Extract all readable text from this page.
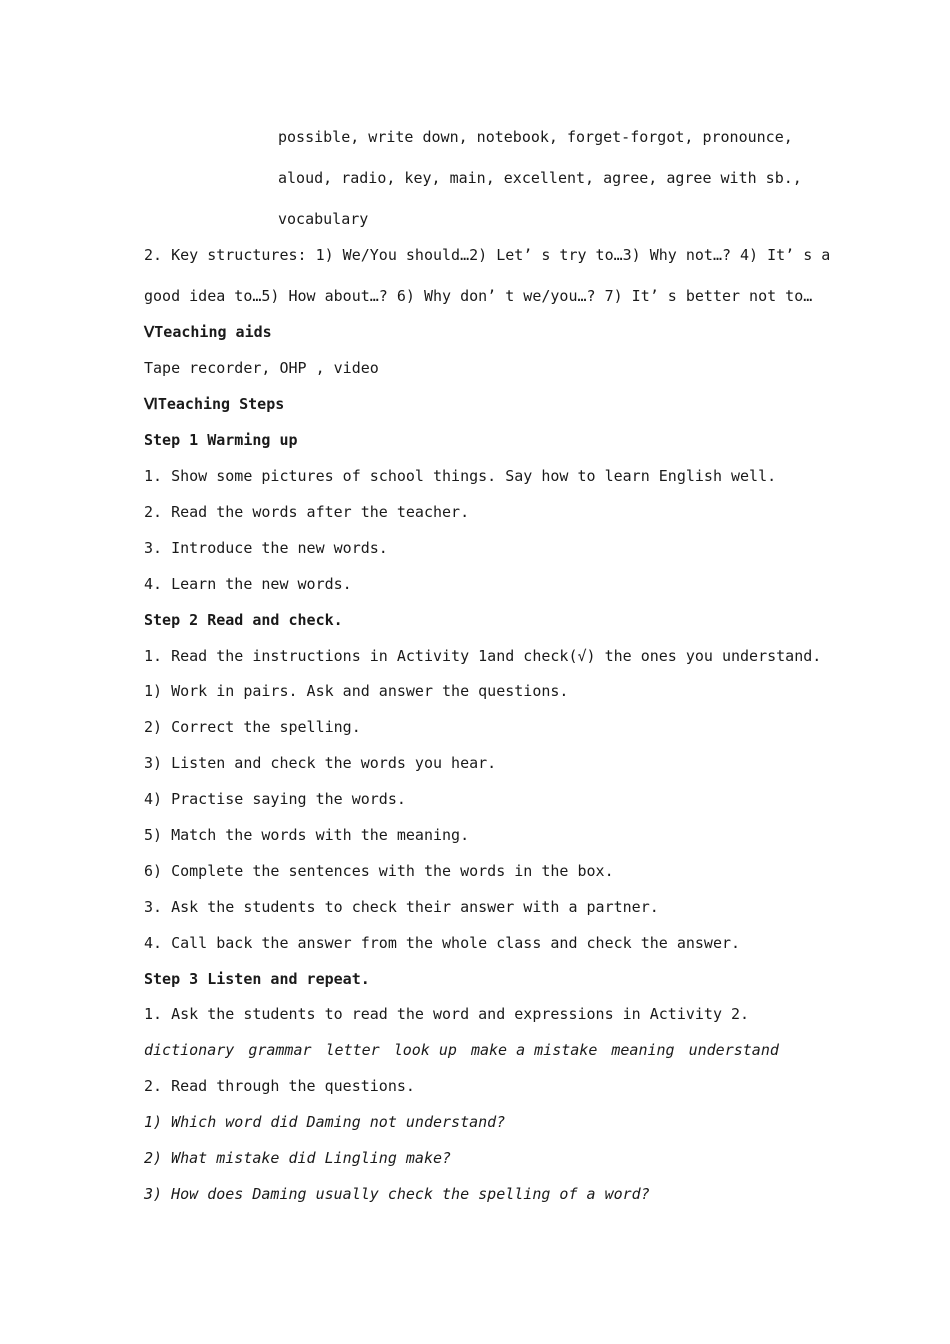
possible, write down, notebook, forget-forgot, pronounce,
aloud, radio, key, main, excellent, agree, agree with sb.,
vocabulary
2. Key structures: 1) We/You should…2) Let’ s try to…3) Why not…? 4) It’ s a
good idea to…5) How about…? 6) Why don’ t we/you…? 7) It’ s better not to…
ⅤTeaching aids
Tape recorder, OHP , video
ⅥTeaching Steps
Step 1 Warming up
1. Show some pictures of school things. Say how to learn English well.
2. Read the words after the teacher.
3. Introduce the new words.
4. Learn the new words.
Step 2 Read and check.
1. Read the instructions in Activity 1and check(√) the ones you understand.
1) Work in pairs. Ask and answer the questions.
2) Correct the spelling.
3) Listen and check the words you hear.
4) Practise saying the words.
5) Match the words with the meaning.
6) Complete the sentences with the words in the box.
3. Ask the students to check their answer with a partner.
4. Call back the answer from the whole class and check the answer.
Step 3 Listen and repeat.
1. Ask the students to read the word and expressions in Activity 2.
dictionary grammar letter look up make a mistake meaning understand
2. Read through the questions.
1) Which word did Daming not understand?
2) What mistake did Lingling make?
3) How does Daming usually check the spelling of a word?
